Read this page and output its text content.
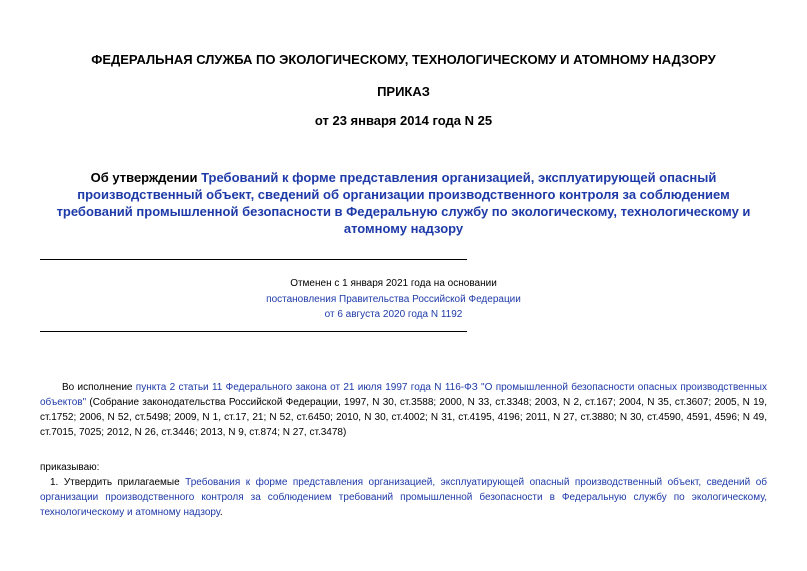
ФЕДЕРАЛЬНАЯ СЛУЖБА ПО ЭКОЛОГИЧЕСКОМУ, ТЕХНОЛОГИЧЕСКОМУ И АТОМНОМУ НАДЗОРУ
ПРИКАЗ
от 23 января 2014 года N 25
Об утверждении Требований к форме представления организацией, эксплуатирующей опасный производственный объект, сведений об организации производственного контроля за соблюдением требований промышленной безопасности в Федеральную службу по экологическому, технологическому и атомному надзору
Отменен с 1 января 2021 года на основании
постановления Правительства Российской Федерации
от 6 августа 2020 года N 1192
Во исполнение пункта 2 статьи 11 Федерального закона от 21 июля 1997 года N 116-ФЗ "О промышленной безопасности опасных производственных объектов" (Собрание законодательства Российской Федерации, 1997, N 30, ст.3588; 2000, N 33, ст.3348; 2003, N 2, ст.167; 2004, N 35, ст.3607; 2005, N 19, ст.1752; 2006, N 52, ст.5498; 2009, N 1, ст.17, 21; N 52, ст.6450; 2010, N 30, ст.4002; N 31, ст.4195, 4196; 2011, N 27, ст.3880; N 30, ст.4590, 4591, 4596; N 49, ст.7015, 7025; 2012, N 26, ст.3446; 2013, N 9, ст.874; N 27, ст.3478)
приказываю:
1. Утвердить прилагаемые Требования к форме представления организацией, эксплуатирующей опасный производственный объект, сведений об организации производственного контроля за соблюдением требований промышленной безопасности в Федеральную службу по экологическому, технологическому и атомному надзору.
